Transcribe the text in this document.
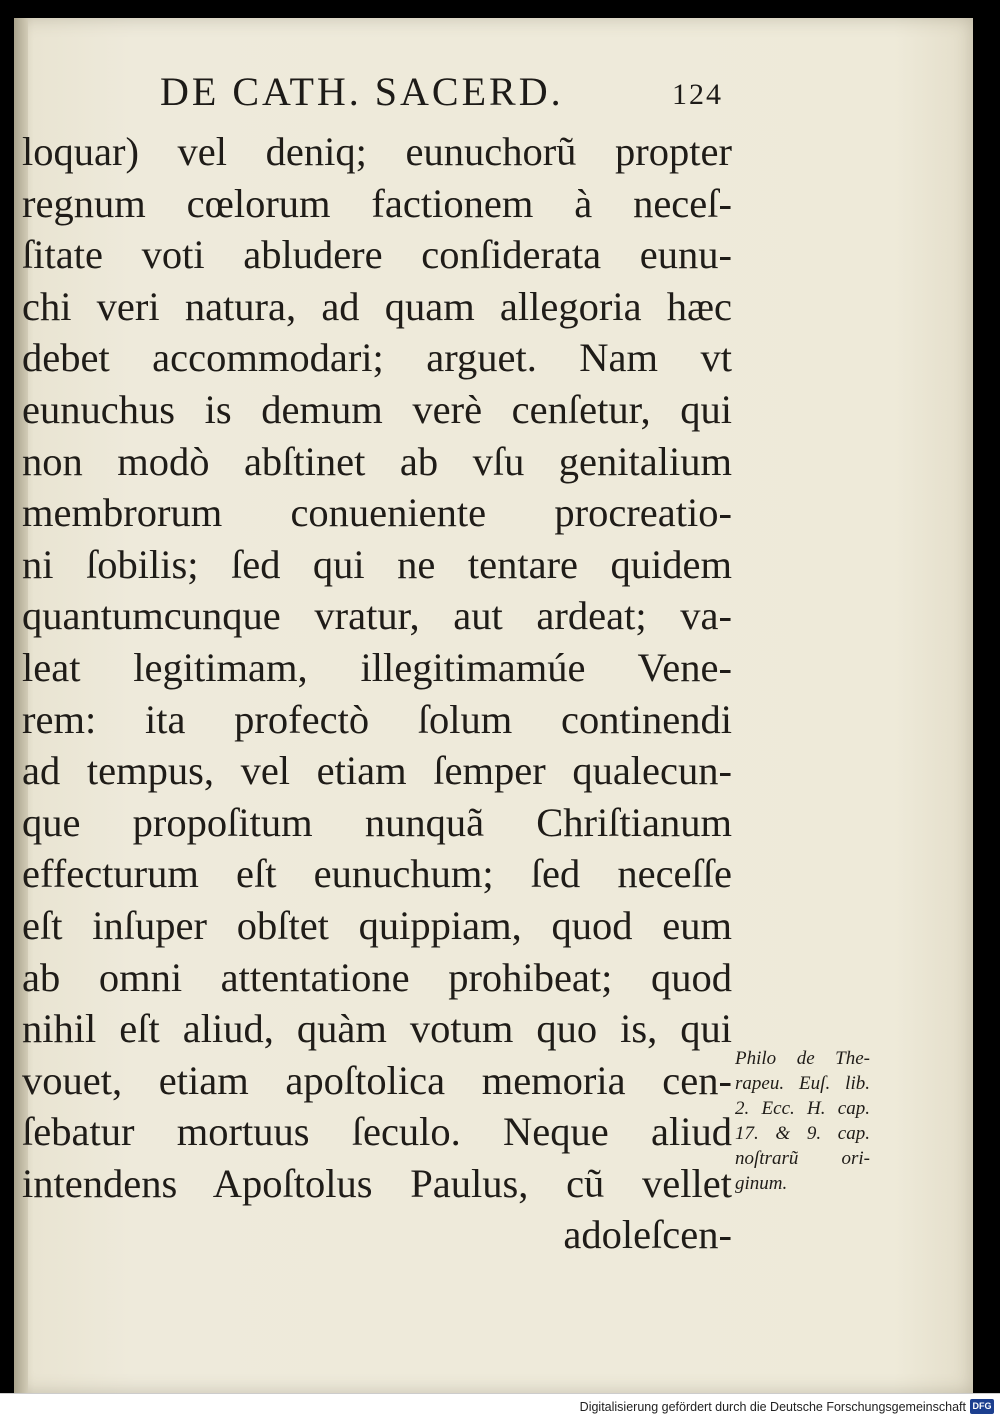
DE CATH. SACERD.	124
loquar) vel deniq; eunuchorũ propter
regnum cœlorum factionem à neceſ-
ſitate voti abludere conſiderata eunu-
chi veri natura, ad quam allegoria hæc
debet accommodari; arguet. Nam vt
eunuchus is demum verè cenſetur, qui
non modò abſtinet ab vſu genitalium
membrorum conueniente procreatio-
ni ſobilis; ſed qui ne tentare quidem
quantumcunque vratur, aut ardeat; va-
leat legitimam, illegitimamúe Vene-
rem: ita profectò ſolum continendi
ad tempus, vel etiam ſemper qualecun-
que propoſitum nunquã Chriſtianum
effecturum eſt eunuchum; ſed neceſſe
eſt inſuper obſtet quippiam, quod eum
ab omni attentatione prohibeat; quod
nihil eſt aliud, quàm votum quo is, qui
vouet, etiam apoſtolica memoria cen-
ſebatur mortuus ſeculo. Neque aliud
intendens Apoſtolus Paulus, cũ vellet
adoleſcen-
Philo de The-
rapeu. Euſ. lib.
2. Ecc. H. cap.
17. & 9. cap.
noſtrarũ ori-
ginum.
Digitalisierung gefördert durch die Deutsche Forschungsgemeinschaft DFG
